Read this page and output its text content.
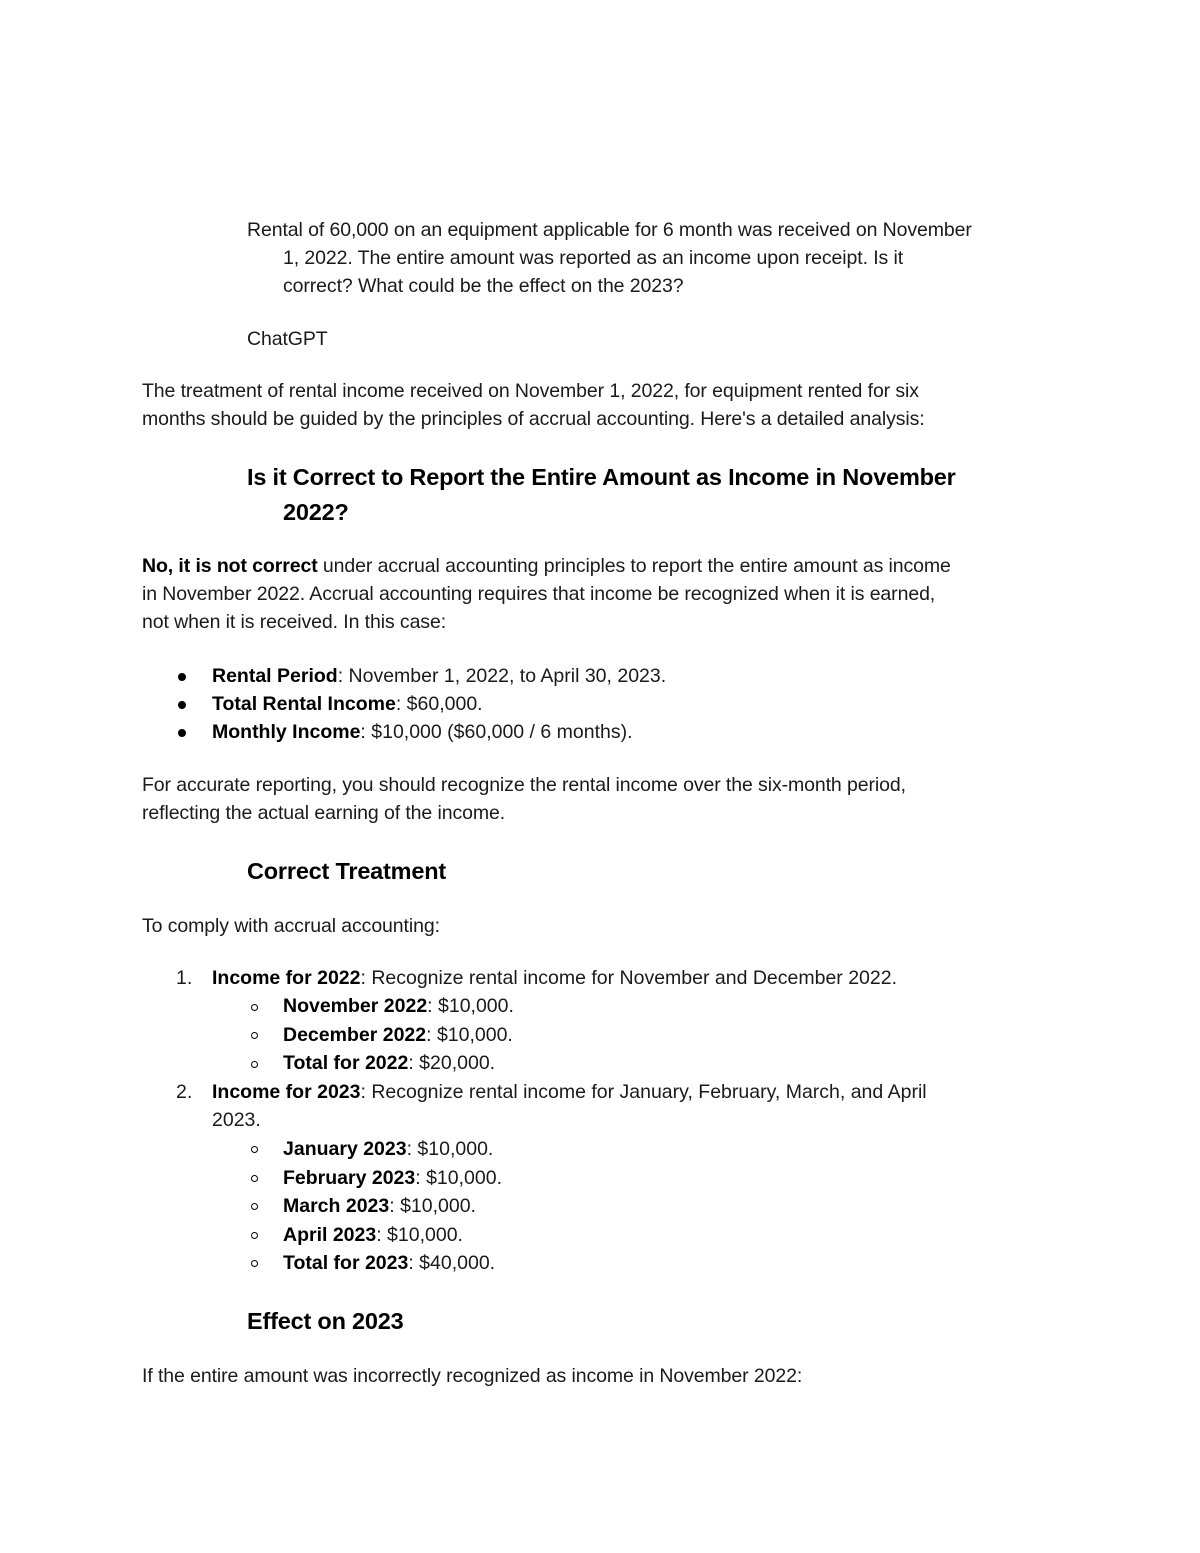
Rental of 60,000 on an equipment applicable for 6 month was received on November
1, 2022. The entire amount was reported as an income upon receipt. Is it
correct? What could be the effect on the 2023?
ChatGPT
The treatment of rental income received on November 1, 2022, for equipment rented for six
months should be guided by the principles of accrual accounting. Here's a detailed analysis:
Is it Correct to Report the Entire Amount as Income in November
2022?
No, it is not correct under accrual accounting principles to report the entire amount as income
in November 2022. Accrual accounting requires that income be recognized when it is earned,
not when it is received. In this case:
Rental Period: November 1, 2022, to April 30, 2023.
Total Rental Income: $60,000.
Monthly Income: $10,000 ($60,000 / 6 months).
For accurate reporting, you should recognize the rental income over the six-month period,
reflecting the actual earning of the income.
Correct Treatment
To comply with accrual accounting:
1. Income for 2022: Recognize rental income for November and December 2022.
November 2022: $10,000.
December 2022: $10,000.
Total for 2022: $20,000.
2. Income for 2023: Recognize rental income for January, February, March, and April
2023.
January 2023: $10,000.
February 2023: $10,000.
March 2023: $10,000.
April 2023: $10,000.
Total for 2023: $40,000.
Effect on 2023
If the entire amount was incorrectly recognized as income in November 2022:
